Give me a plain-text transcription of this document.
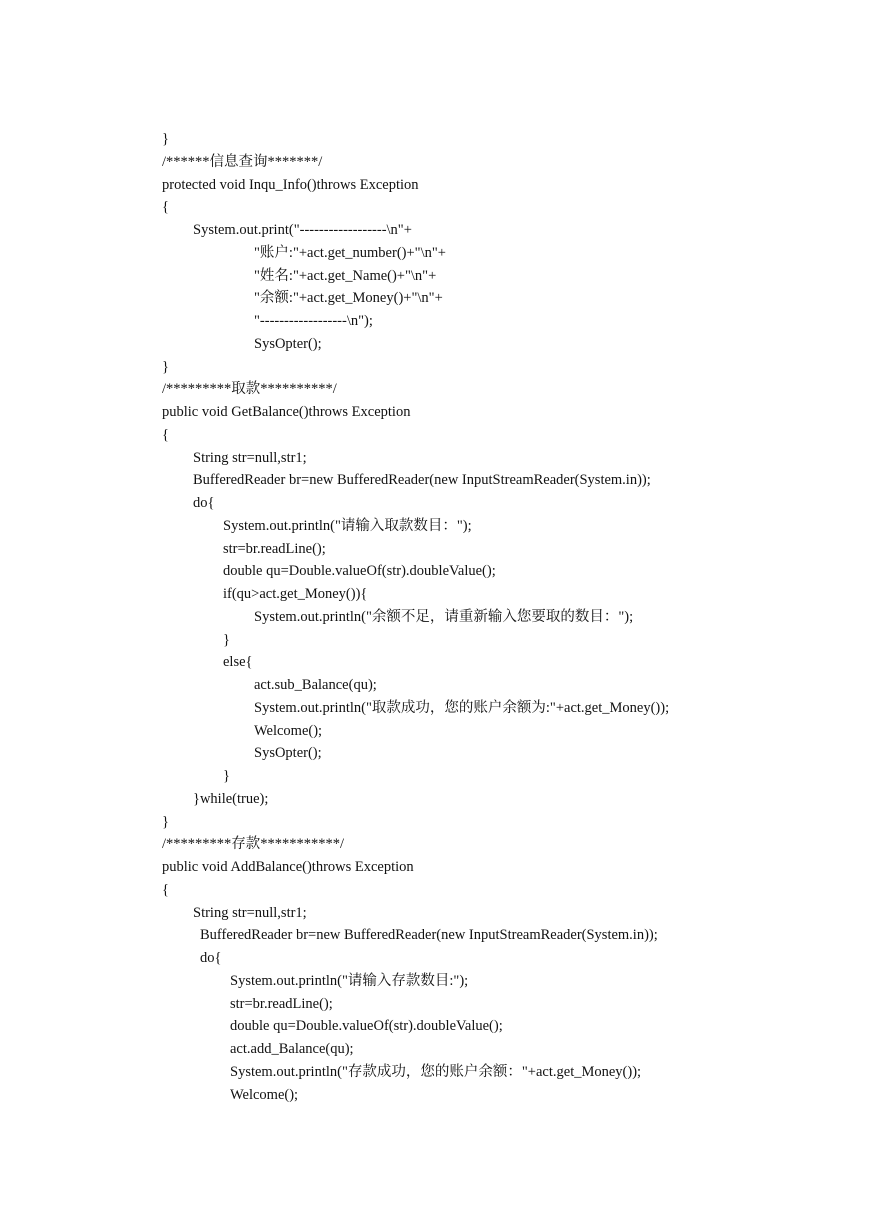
}
/******信息查询*******/
protected void Inqu_Info()throws Exception
{
System.out.print("------------------\n"+
"账户:"+act.get_number()+"\n"+
"姓名:"+act.get_Name()+"\n"+
"余额:"+act.get_Money()+"\n"+
"------------------\n");
SysOpter();
}
/*********取款**********/
public void GetBalance()throws Exception
{
String str=null,str1;
BufferedReader br=new BufferedReader(new InputStreamReader(System.in));
do{
System.out.println("请输入取款数目：");
str=br.readLine();
double qu=Double.valueOf(str).doubleValue();
if(qu>act.get_Money()){
System.out.println("余额不足，请重新输入您要取的数目：");
}
else{
act.sub_Balance(qu);
System.out.println("取款成功，您的账户余额为:"+act.get_Money());
Welcome();
SysOpter();
}
}while(true);
}
/*********存款***********/
public void AddBalance()throws Exception
{
String str=null,str1;
BufferedReader br=new BufferedReader(new InputStreamReader(System.in));
do{
System.out.println("请输入存款数目:");
str=br.readLine();
double qu=Double.valueOf(str).doubleValue();
act.add_Balance(qu);
System.out.println("存款成功，您的账户余额："+act.get_Money());
Welcome();
